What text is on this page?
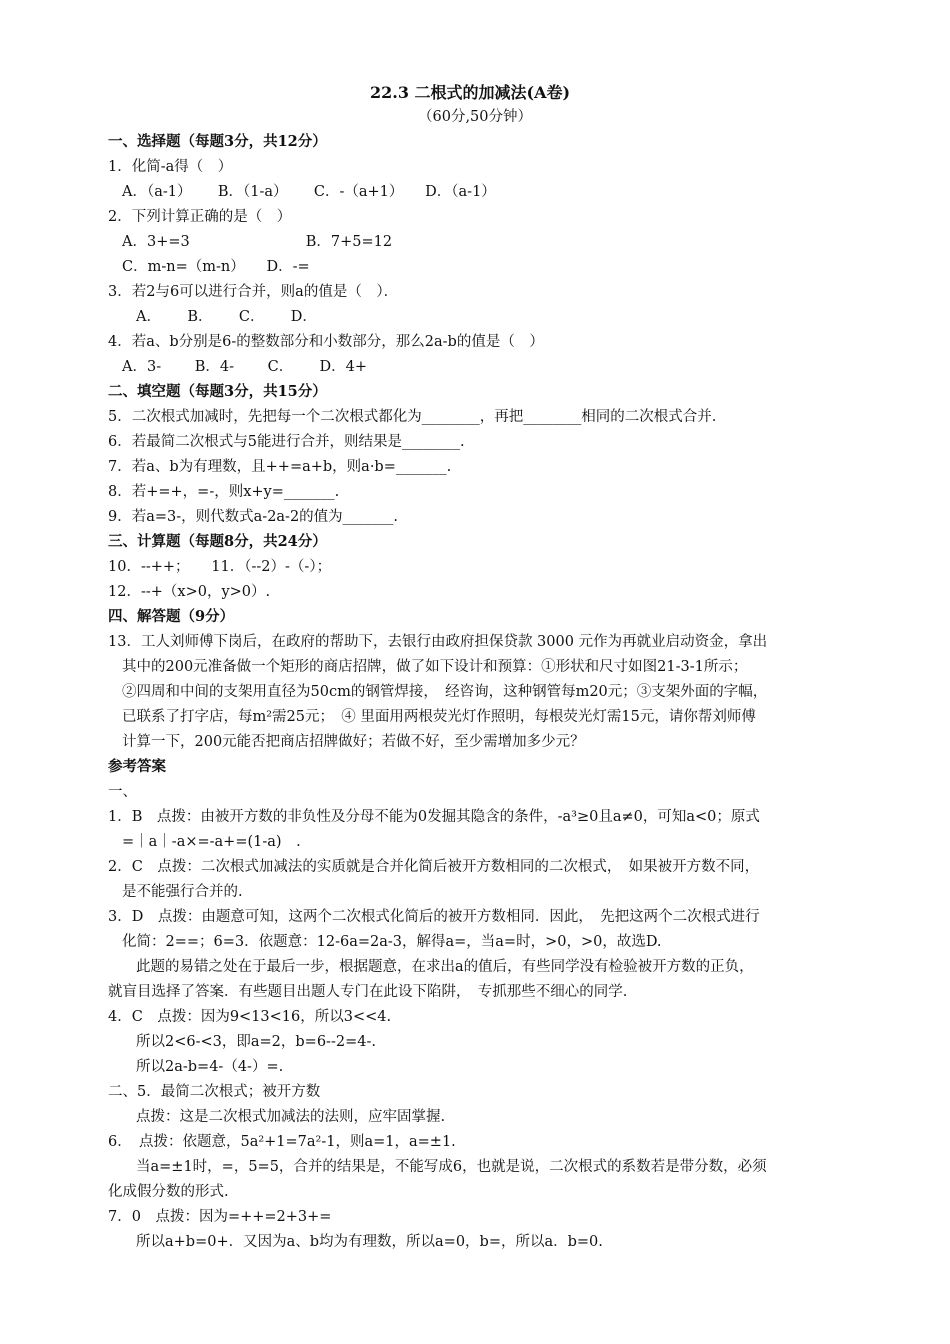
22.3 二根式的加减法(A卷)
（60分,50分钟）
一、选择题（每题3分，共12分）
1．化简-a得（　）
A．（a-1）　　 B．（1-a）　　 C．-（a+1）　　D．（a-1）
2．下列计算正确的是（　）
A．3+=3　　　　　　　　B．7+5=12
C．m-n=（m-n）　　D．-=
3．若2与6可以进行合并，则a的值是（　）．
A．　　 B．　　 C．　　 D．
4．若a、b分别是6-的整数部分和小数部分，那么2a-b的值是（　）
A．3-　　 B．4-　　 C．　　 D．4+
二、填空题（每题3分，共15分）
5．二次根式加减时，先把每一个二次根式都化为________，再把________相同的二次根式合并.
6．若最简二次根式与5能进行合并，则结果是________.
7．若a、b为有理数，且++=a+b，则a·b=_______.
8．若+=+，=-，则x+y=_______.
9．若a=3-，则代数式a-2a-2的值为_______.
三、计算题（每题8分，共24分）
10．--++；　　11．（--2）-（-）；
12．--+（x>0，y>0）.
四、解答题（9分）
13．工人刘师傅下岗后，在政府的帮助下，去银行由政府担保贷款 3000 元作为再就业启动资金，拿出
其中的200元准备做一个矩形的商店招牌，做了如下设计和预算：①形状和尺寸如图21-3-1所示；
②四周和中间的支架用直径为50cm的钢管焊接，　经咨询，这种钢管每m20元；③支架外面的字幅，
已联系了打字店，每m²需25元；　④ 里面用两根荧光灯作照明，每根荧光灯需15元，请你帮刘师傅
计算一下，200元能否把商店招牌做好；若做不好，至少需增加多少元？
参考答案
一、
1．B　点拨：由被开方数的非负性及分母不能为0发掘其隐含的条件，-a³≥0且a≠0，可知a<0；原式
=｜a｜-a×=-a+=(1-a)　.
2．C　点拨：二次根式加减法的实质就是合并化简后被开方数相同的二次根式，　如果被开方数不同，
是不能强行合并的.
3．D　点拨：由题意可知，这两个二次根式化简后的被开方数相同．因此，　先把这两个二次根式进行
化简：2==；6=3．依题意：12-6a=2a-3，解得a=，当a=时，>0，>0，故选D.
此题的易错之处在于最后一步，根据题意，在求出a的值后，有些同学没有检验被开方数的正负，
就盲目选择了答案．有些题目出题人专门在此设下陷阱，　专抓那些不细心的同学.
4．C　点拨：因为9<13<16，所以3<<4.
所以2<6-<3，即a=2，b=6--2=4-.
所以2a-b=4-（4-）=.
二、5．最简二次根式；被开方数
点拨：这是二次根式加减法的法则，应牢固掌握.
6．　点拨：依题意，5a²+1=7a²-1，则a=1，a=±1.
当a=±1时，=，5=5，合并的结果是，不能写成6，也就是说，二次根式的系数若是带分数，必须
化成假分数的形式.
7．0　点拨：因为=++=2+3+=
所以a+b=0+．又因为a、b均为有理数，所以a=0，b=，所以a．b=0.
